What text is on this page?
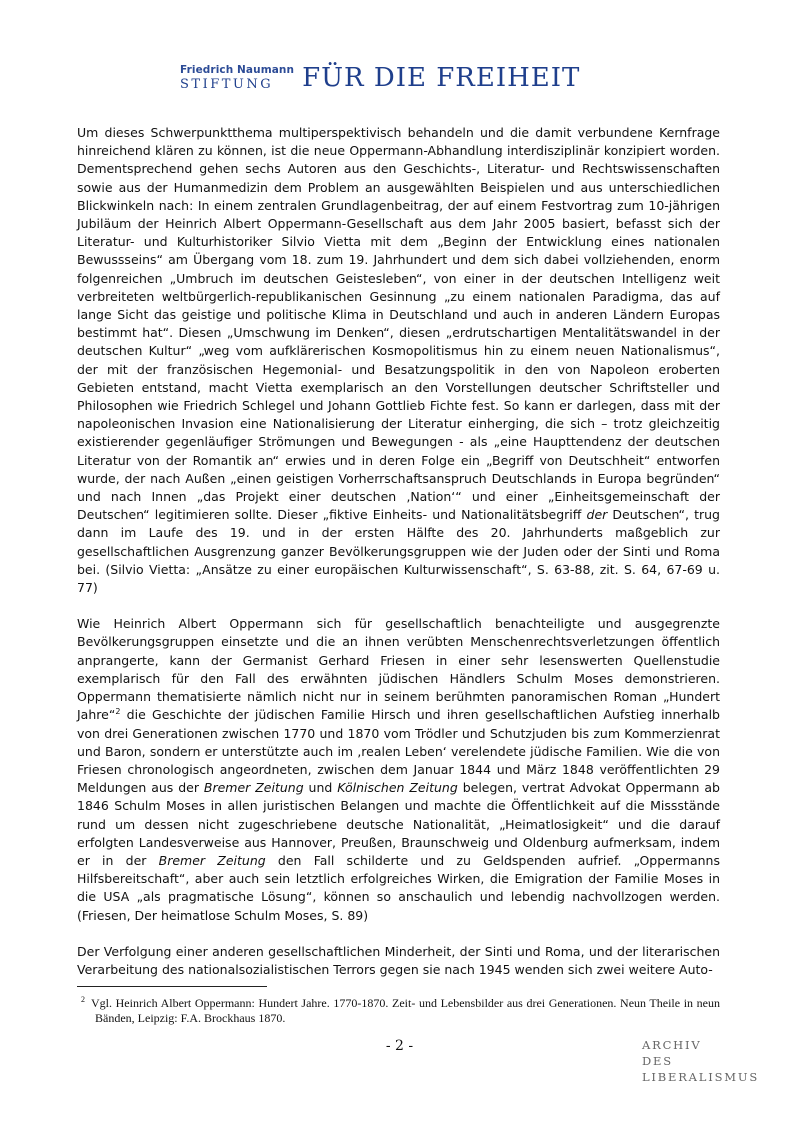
Friedrich Naumann
STIFTUNG FÜR DIE FREIHEIT

Um dieses Schwerpunktthema multiperspektivisch behandeln und die damit verbundene Kernfrage hinreichend klären zu können, ist die neue Oppermann-Abhandlung interdisziplinär konzipiert worden. Dementsprechend gehen sechs Autoren aus den Geschichts-, Literatur- und Rechtswissenschaften sowie aus der Humanmedizin dem Problem an ausgewählten Beispielen und aus unterschiedlichen Blickwinkeln nach: In einem zentralen Grundlagenbeitrag, der auf einem Festvortrag zum 10-jährigen Jubiläum der Heinrich Albert Oppermann-Gesellschaft aus dem Jahr 2005 basiert, befasst sich der Literatur- und Kulturhistoriker Silvio Vietta mit dem „Beginn der Entwicklung eines nationalen Bewussseins“ am Übergang vom 18. zum 19. Jahrhundert und dem sich dabei vollziehenden, enorm folgenreichen „Umbruch im deutschen Geistesleben“, von einer in der deutschen Intelligenz weit verbreiteten weltbürgerlich-republikanischen Gesinnung „zu einem nationalen Paradigma, das auf lange Sicht das geistige und politische Klima in Deutschland und auch in anderen Ländern Europas bestimmt hat“. Diesen „Umschwung im Denken“, diesen „erdrutschartigen Mentalitätswandel in der deutschen Kultur“ „weg vom aufklärerischen Kosmopolitismus hin zu einem neuen Nationalismus“, der mit der französischen Hegemonial- und Besatzungspolitik in den von Napoleon eroberten Gebieten entstand, macht Vietta exemplarisch an den Vorstellungen deutscher Schriftsteller und Philosophen wie Friedrich Schlegel und Johann Gottlieb Fichte fest. So kann er darlegen, dass mit der napoleonischen Invasion eine Nationalisierung der Literatur einherging, die sich – trotz gleichzeitig existierender gegenläufiger Strömungen und Bewegungen - als „eine Haupttendenz der deutschen Literatur von der Romantik an“ erwies und in deren Folge ein „Begriff von Deutschheit“ entworfen wurde, der nach Außen „einen geistigen Vorherrschaftsanspruch Deutschlands in Europa begründen“ und nach Innen „das Projekt einer deutschen ‚Nation‘“ und einer „Einheitsgemeinschaft der Deutschen“ legitimieren sollte. Dieser „fiktive Einheits- und Nationalitätsbegriff der Deutschen“, trug dann im Laufe des 19. und in der ersten Hälfte des 20. Jahrhunderts maßgeblich zur gesellschaftlichen Ausgrenzung ganzer Bevölkerungsgruppen wie der Juden oder der Sinti und Roma bei. (Silvio Vietta: „Ansätze zu einer europäischen Kulturwissenschaft“, S. 63-88, zit. S. 64, 67-69 u. 77)

Wie Heinrich Albert Oppermann sich für gesellschaftlich benachteiligte und ausgegrenzte Bevölkerungsgruppen einsetzte und die an ihnen verübten Menschenrechtsverletzungen öffentlich anprangerte, kann der Germanist Gerhard Friesen in einer sehr lesenswerten Quellenstudie exemplarisch für den Fall des erwähnten jüdischen Händlers Schulm Moses demonstrieren. Oppermann thematisierte nämlich nicht nur in seinem berühmten panoramischen Roman „Hundert Jahre“$^2$ die Geschichte der jüdischen Familie Hirsch und ihren gesellschaftlichen Aufstieg innerhalb von drei Generationen zwischen 1770 und 1870 vom Trödler und Schutzjuden bis zum Kommerzienrat und Baron, sondern er unterstützte auch im ‚realen Leben‘ verelendete jüdische Familien. Wie die von Friesen chronologisch angeordneten, zwischen dem Januar 1844 und März 1848 veröffentlichten 29 Meldungen aus der Bremer Zeitung und Kölnischen Zeitung belegen, vertrat Advokat Oppermann ab 1846 Schulm Moses in allen juristischen Belangen und machte die Öffentlichkeit auf die Missstände rund um dessen nicht zugeschriebene deutsche Nationalität, „Heimatlosigkeit“ und die darauf erfolgten Landesverweise aus Hannover, Preußen, Braunschweig und Oldenburg aufmerksam, indem er in der Bremer Zeitung den Fall schilderte und zu Geldspenden aufrief. „Oppermanns Hilfsbereitschaft“, aber auch sein letztlich erfolgreiches Wirken, die Emigration der Familie Moses in die USA „als pragmatische Lösung“, können so anschaulich und lebendig nachvollzogen werden. (Friesen, Der heimatlose Schulm Moses, S. 89)

Der Verfolgung einer anderen gesellschaftlichen Minderheit, der Sinti und Roma, und der literarischen Verarbeitung des nationalsozialistischen Terrors gegen sie nach 1945 wenden sich zwei weitere Auto-

$^2$ Vgl. Heinrich Albert Oppermann: Hundert Jahre. 1770-1870. Zeit- und Lebensbilder aus drei Generationen. Neun Theile in neun Bänden, Leipzig: F.A. Brockhaus 1870.
- 2 -	ARCHIV
DES
LIBERALISMUS
